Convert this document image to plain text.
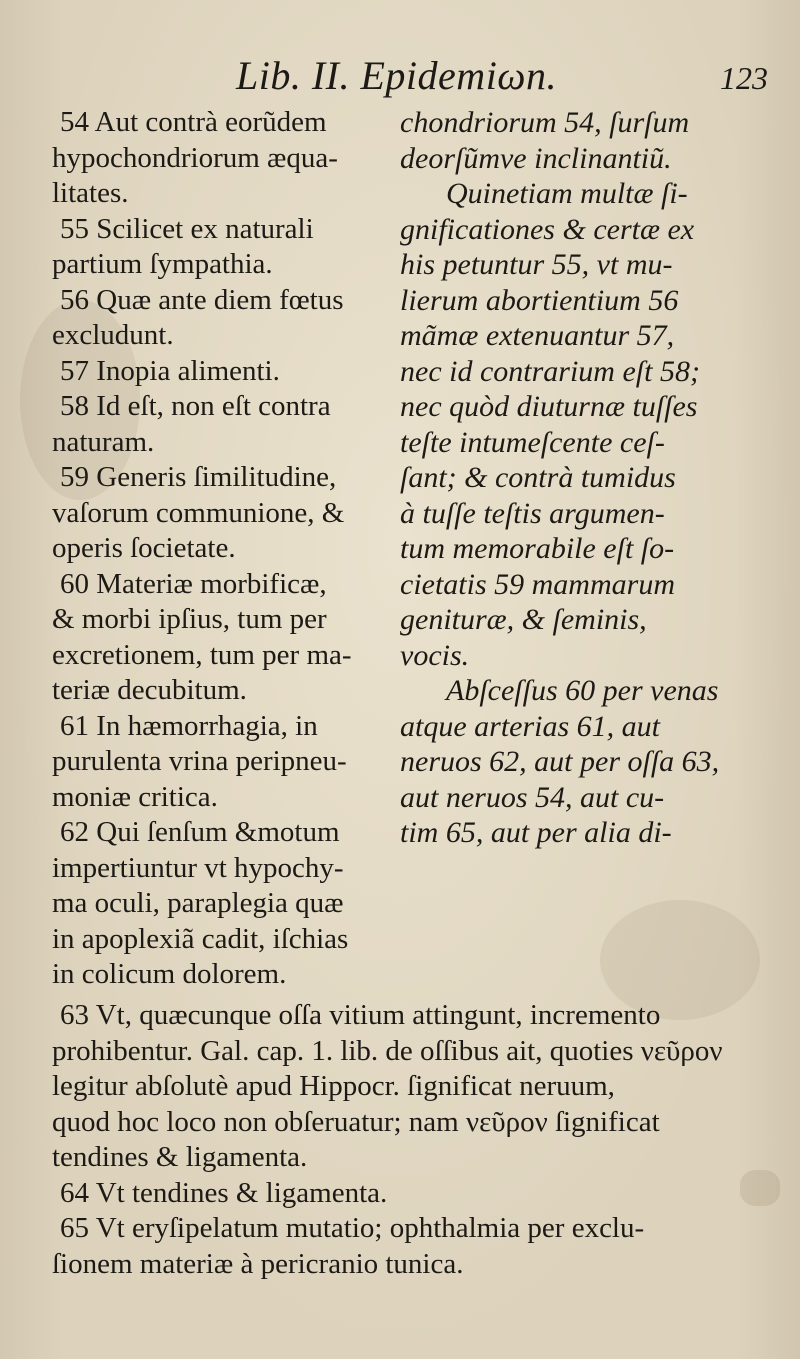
Lib. II. Epidemiωn.	123
54 Aut contrà eorũdem
hypochondriorum æqua-
litates.
55 Scilicet ex naturali
partium ſympathia.
56 Quæ ante diem fœtus
excludunt.
57 Inopia alimenti.
58 Id eſt, non eſt contra
naturam.
59 Generis ſimilitudine,
vaſorum communione, &
operis ſocietate.
60 Materiæ morbificæ,
& morbi ipſius, tum per
excretionem, tum per ma-
teriæ decubitum.
61 In hæmorrhagia, in
purulenta vrina peripneu-
moniæ critica.
62 Qui ſenſum &motum
impertiuntur vt hypochy-
ma oculi, paraplegia quæ
in apoplexiã cadit, iſchias
in colicum dolorem.
chondriorum 54, ſurſum
deorſũmve inclinantiũ.
Quinetiam multæ ſi-
gnificationes & certæ ex
his petuntur 55, vt mu-
lierum abortientium 56
mãmæ extenuantur 57,
nec id contrarium eſt 58;
nec quòd diuturnæ tuſſes
teſte intumeſcente ceſ-
ſant; & contrà tumidus
à tuſſe teſtis argumen-
tum memorabile eſt ſo-
cietatis 59 mammarum
genituræ, & ſeminis,
vocis.
Abſceſſus 60 per venas
atque arterias 61, aut
neruos 62, aut per oſſa 63,
aut neruos 54, aut cu-
tim 65, aut per alia di-
63 Vt, quæcunque oſſa vitium attingunt, incremento
prohibentur. Gal. cap. 1. lib. de oſſibus ait, quoties νεῦρον
legitur abſolutè apud Hippocr. ſignificat neruum,
quod hoc loco non obſeruatur; nam νεῦρον ſignificat
tendines & ligamenta.
64 Vt tendines & ligamenta.
65 Vt eryſipelatum mutatio; ophthalmia per exclu-
ſionem materiæ à pericranio tunica.
